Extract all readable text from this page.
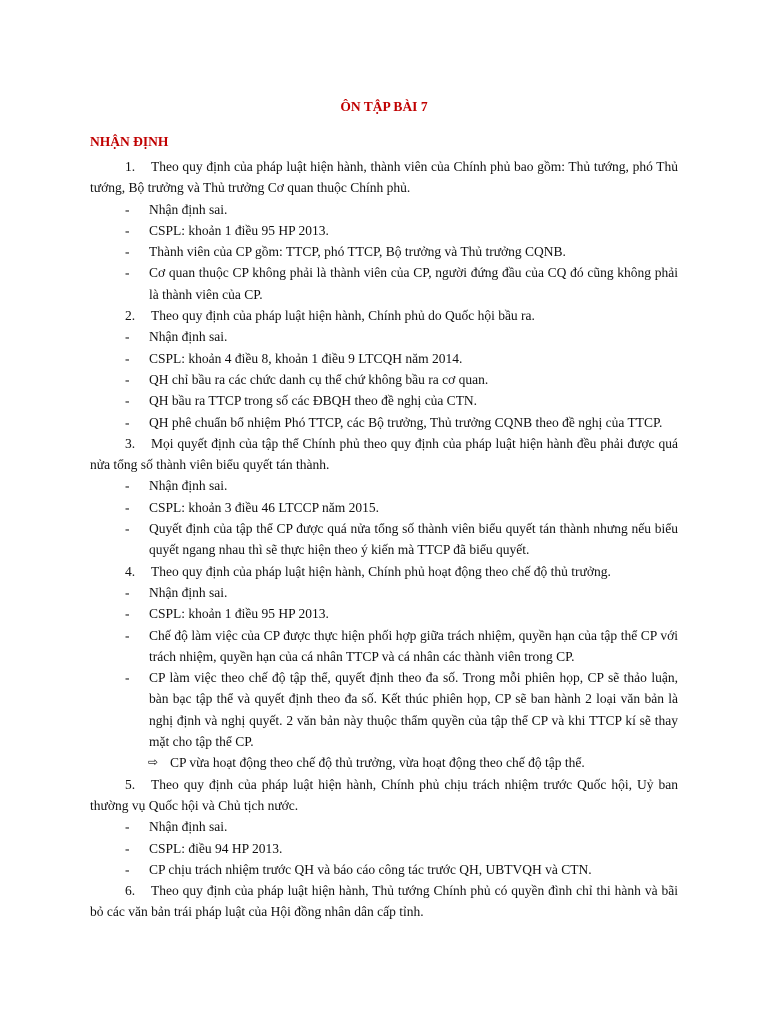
ÔN TẬP BÀI 7
NHẬN ĐỊNH

1. Theo quy định của pháp luật hiện hành, thành viên của Chính phủ bao gồm: Thủ tướng, phó Thủ tướng, Bộ trưởng và Thủ trưởng Cơ quan thuộc Chính phủ.

- Nhận định sai.

- CSPL: khoản 1 điều 95 HP 2013.

- Thành viên của CP gồm: TTCP, phó TTCP, Bộ trưởng và Thủ trưởng CQNB.

- Cơ quan thuộc CP không phải là thành viên của CP, người đứng đầu của CQ đó cũng không phải là thành viên của CP.

2. Theo quy định của pháp luật hiện hành, Chính phủ do Quốc hội bầu ra.

- Nhận định sai.

- CSPL: khoản 4 điều 8, khoản 1 điều 9 LTCQH năm 2014.

- QH chỉ bầu ra các chức danh cụ thể chứ không bầu ra cơ quan.

- QH bầu ra TTCP trong số các ĐBQH theo đề nghị của CTN.

- QH phê chuẩn bổ nhiệm Phó TTCP, các Bộ trưởng, Thủ trưởng CQNB theo đề nghị của TTCP.

3. Mọi quyết định của tập thể Chính phủ theo quy định của pháp luật hiện hành đều phải được quá nửa tổng số thành viên biểu quyết tán thành.

- Nhận định sai.

- CSPL: khoản 3 điều 46 LTCCP năm 2015.

- Quyết định của tập thể CP được quá nửa tổng số thành viên biểu quyết tán thành nhưng nếu biểu quyết ngang nhau thì sẽ thực hiện theo ý kiến mà TTCP đã biểu quyết.

4. Theo quy định của pháp luật hiện hành, Chính phủ hoạt động theo chế độ thủ trưởng.

- Nhận định sai.

- CSPL: khoản 1 điều 95 HP 2013.

- Chế độ làm việc của CP được thực hiện phối hợp giữa trách nhiệm, quyền hạn của tập thể CP với trách nhiệm, quyền hạn của cá nhân TTCP và cá nhân các thành viên trong CP.

- CP làm việc theo chế độ tập thể, quyết định theo đa số. Trong mỗi phiên họp, CP sẽ thảo luận, bàn bạc tập thể và quyết định theo đa số. Kết thúc phiên họp, CP sẽ ban hành 2 loại văn bản là nghị định và nghị quyết. 2 văn bản này thuộc thẩm quyền của tập thể CP và khi TTCP kí sẽ thay mặt cho tập thể CP.

⇨ CP vừa hoạt động theo chế độ thủ trưởng, vừa hoạt động theo chế độ tập thể.

5. Theo quy định của pháp luật hiện hành, Chính phủ chịu trách nhiệm trước Quốc hội, Uỷ ban thường vụ Quốc hội và Chủ tịch nước.

- Nhận định sai.

- CSPL: điều 94 HP 2013.

- CP chịu trách nhiệm trước QH và báo cáo công tác trước QH, UBTVQH và CTN.

6. Theo quy định của pháp luật hiện hành, Thủ tướng Chính phủ có quyền đình chỉ thi hành và bãi bỏ các văn bản trái pháp luật của Hội đồng nhân dân cấp tỉnh.
